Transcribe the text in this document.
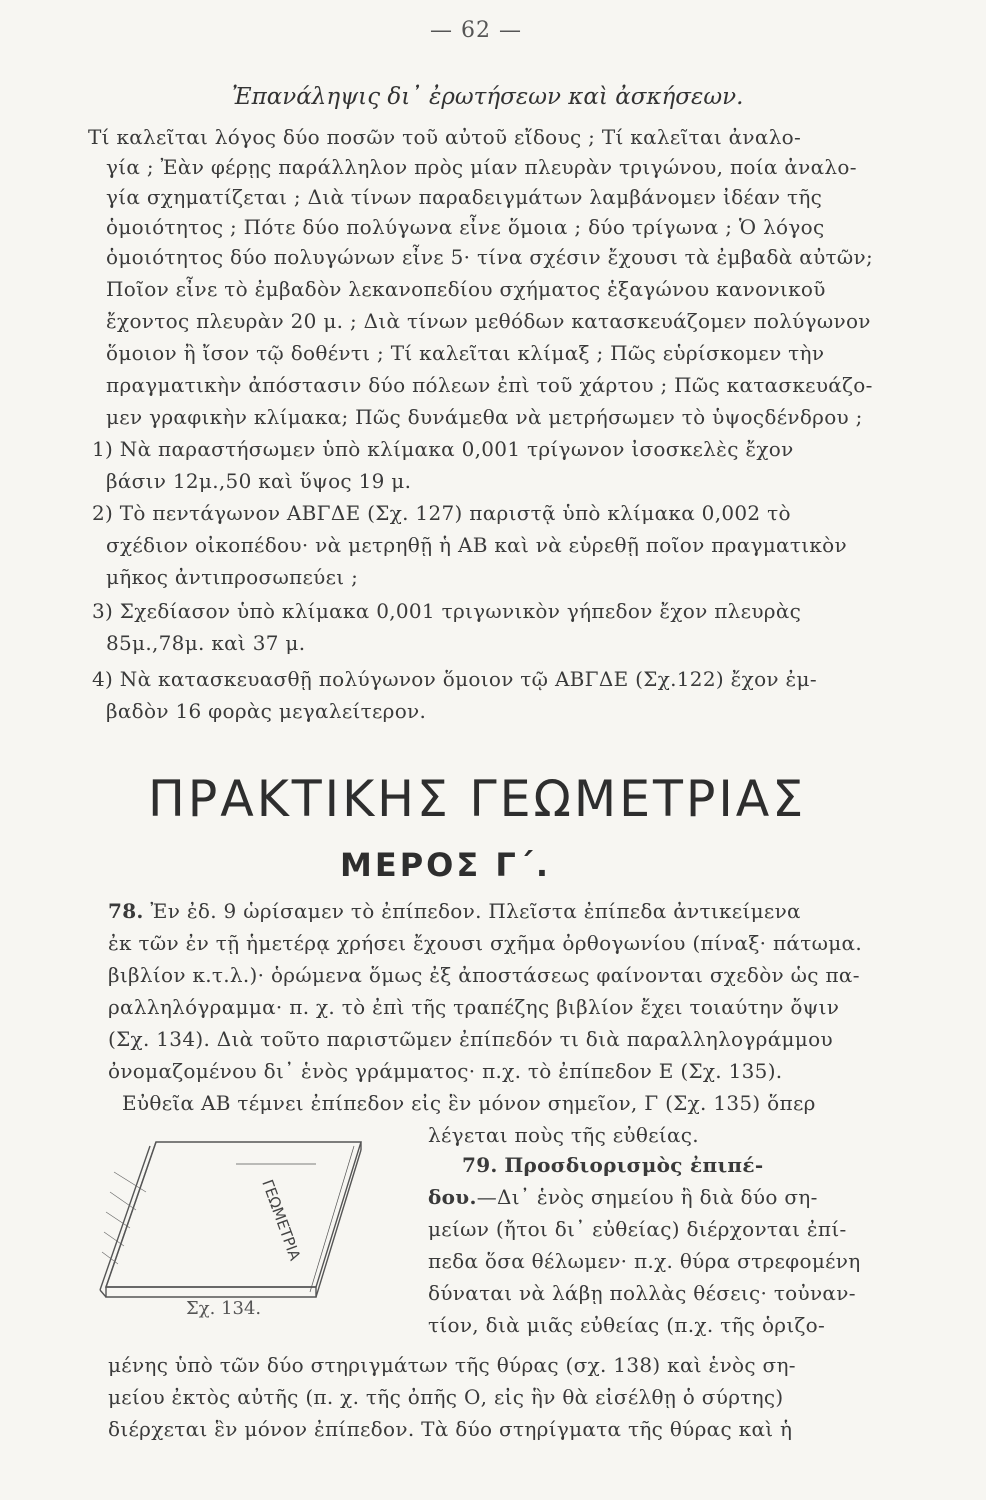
— 62 —
Ἐπανάληψις δι᾽ ἐρωτήσεων καὶ ἀσκήσεων.
Τί καλεῖται λόγος δύο ποσῶν τοῦ αὐτοῦ εἴδους ; Τί καλεῖται ἀναλο-
γία ; Ἐὰν φέρῃς παράλληλον πρὸς μίαν πλευρὰν τριγώνου, ποία ἀναλο-
γία σχηματίζεται ; Διὰ τίνων παραδειγμάτων λαμβάνομεν ἰδέαν τῆς
ὁμοιότητος ; Πότε δύο πολύγωνα εἶνε ὅμοια ; δύο τρίγωνα ; Ὁ λόγος
ὁμοιότητος δύο πολυγώνων εἶνε 5· τίνα σχέσιν ἔχουσι τὰ ἐμβαδὰ αὐτῶν;
Ποῖον εἶνε τὸ ἐμβαδὸν λεκανοπεδίου σχήματος ἑξαγώνου κανονικοῦ
ἔχοντος πλευρὰν 20 μ. ; Διὰ τίνων μεθόδων κατασκευάζομεν πολύγωνον
ὅμοιον ἢ ἴσον τῷ δοθέντι ; Τί καλεῖται κλίμαξ ; Πῶς εὑρίσκομεν τὴν
πραγματικὴν ἀπόστασιν δύο πόλεων ἐπὶ τοῦ χάρτου ; Πῶς κατασκευάζο-
μεν γραφικὴν κλίμακα; Πῶς δυνάμεθα νὰ μετρήσωμεν τὸ ὑψοςδένδρου ;
1) Νὰ παραστήσωμεν ὑπὸ κλίμακα 0,001 τρίγωνον ἰσοσκελὲς ἔχον
βάσιν 12μ.,50 καὶ ὕψος 19 μ.
2) Τὸ πεντάγωνον ΑΒΓΔΕ (Σχ. 127) παριστᾷ ὑπὸ κλίμακα 0,002 τὸ
σχέδιον οἰκοπέδου· νὰ μετρηθῇ ἡ ΑΒ καὶ νὰ εὑρεθῇ ποῖον πραγματικὸν
μῆκος ἀντιπροσωπεύει ;
3) Σχεδίασον ὑπὸ κλίμακα 0,001 τριγωνικὸν γήπεδον ἔχον πλευρὰς
85μ.,78μ. καὶ 37 μ.
4) Νὰ κατασκευασθῇ πολύγωνον ὅμοιον τῷ ΑΒΓΔΕ (Σχ.122) ἔχον ἐμ-
βαδὸν 16 φορὰς μεγαλείτερον.
ΠΡΑΚΤΙΚΗΣ ΓΕΩΜΕΤΡΙΑΣ
ΜΕΡΟΣ Γ΄.
78. Ἐν ἐδ. 9 ὡρίσαμεν τὸ ἐπίπεδον. Πλεῖστα ἐπίπεδα ἀντικείμενα
ἐκ τῶν ἐν τῇ ἡμετέρᾳ χρήσει ἔχουσι σχῆμα ὀρθογωνίου (πίναξ· πάτωμα.
βιβλίον κ.τ.λ.)· ὁρώμενα ὅμως ἐξ ἀποστάσεως φαίνονται σχεδὸν ὡς πα-
ραλληλόγραμμα· π. χ. τὸ ἐπὶ τῆς τραπέζης βιβλίον ἔχει τοιαύτην ὄψιν
(Σχ. 134). Διὰ τοῦτο παριστῶμεν ἐπίπεδόν τι διὰ παραλληλογράμμου
ὀνομαζομένου δι᾽ ἑνὸς γράμματος· π.χ. τὸ ἐπίπεδον Ε (Σχ. 135).
Εὐθεῖα ΑΒ τέμνει ἐπίπεδον εἰς ἓν μόνον σημεῖον, Γ (Σχ. 135) ὅπερ
λέγεται ποὺς τῆς εὐθείας.
79. Προσδιορισμὸς ἐπιπέ-
δου.—Δι᾽ ἑνὸς σημείου ἢ διὰ δύο ση-
μείων (ἤτοι δι᾽ εὐθείας) διέρχονται ἐπί-
πεδα ὅσα θέλωμεν· π.χ. θύρα στρεφομένη
δύναται νὰ λάβῃ πολλὰς θέσεις· τοὐναν-
τίον, διὰ μιᾶς εὐθείας (π.χ. τῆς ὁριζο-
μένης ὑπὸ τῶν δύο στηριγμάτων τῆς θύρας (σχ. 138) καὶ ἑνὸς ση-
μείου ἐκτὸς αὐτῆς (π. χ. τῆς ὀπῆς Ο, εἰς ἣν θὰ εἰσέλθῃ ὁ σύρτης)
διέρχεται ἓν μόνον ἐπίπεδον. Τὰ δύο στηρίγματα τῆς θύρας καὶ ἡ
ΓΕΩΜΕΤΡΙΑ
Σχ. 134.
